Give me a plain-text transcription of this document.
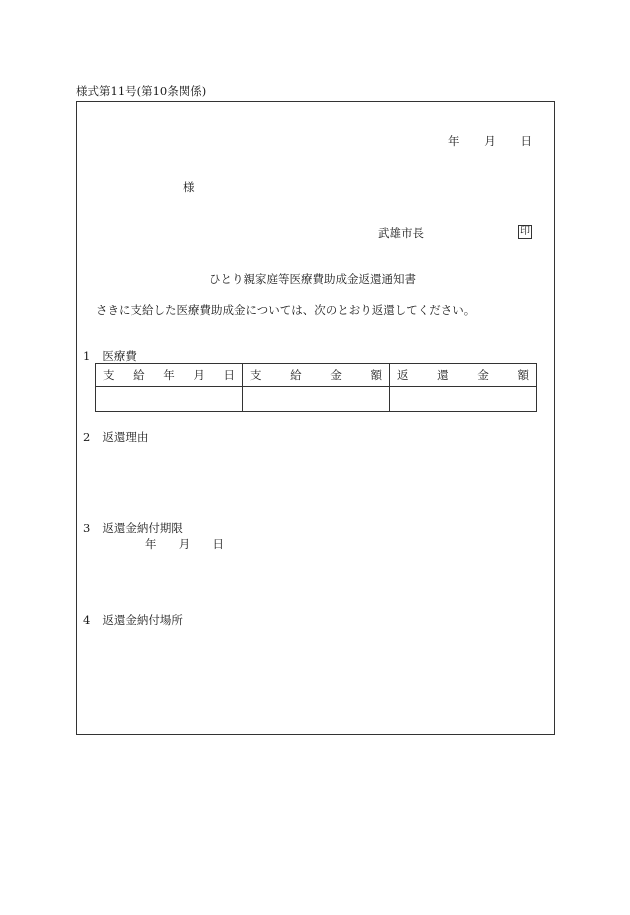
様式第11号(第10条関係)
年 月 日
様
武雄市長	印
ひとり親家庭等医療費助成金返還通知書
さきに支給した医療費助成金については、次のとおり返還してください。
1 医療費
支 給 年 月 日	支 給 金 額	返 還 金 額

2 返還理由
3 返還金納付期限
年 月 日
4 返還金納付場所
